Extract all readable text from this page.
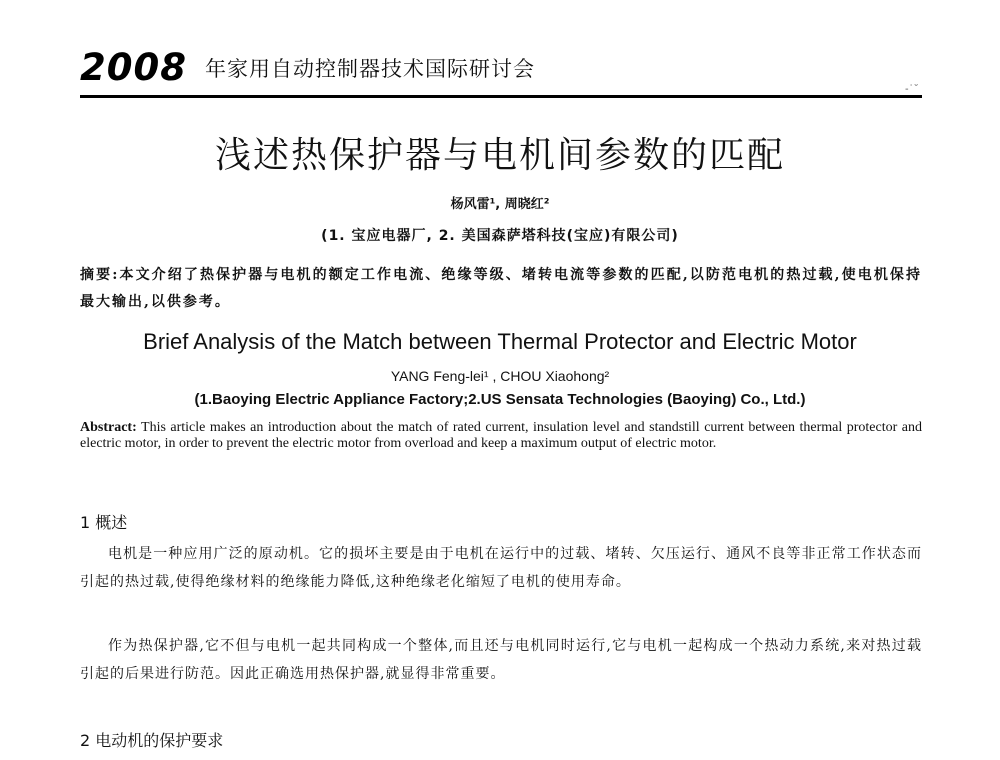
2008 年家用自动控制器技术国际研讨会
-˙˘
浅述热保护器与电机间参数的匹配
杨风雷¹, 周晓红²
(1. 宝应电器厂, 2. 美国森萨塔科技(宝应)有限公司)
摘要:本文介绍了热保护器与电机的额定工作电流、绝缘等级、堵转电流等参数的匹配,以防范电机的热过载,使电机保持最大输出,以供参考。
Brief Analysis of the Match between Thermal Protector and Electric Motor
YANG Feng-lei¹ , CHOU Xiaohong²
(1.Baoying Electric Appliance Factory;2.US Sensata Technologies (Baoying) Co., Ltd.)
Abstract: This article makes an introduction about the match of rated current, insulation level and standstill current between thermal protector and electric motor, in order to prevent the electric motor from overload and keep a maximum output of electric motor.
1 概述
电机是一种应用广泛的原动机。它的损坏主要是由于电机在运行中的过载、堵转、欠压运行、通风不良等非正常工作状态而引起的热过载,使得绝缘材料的绝缘能力降低,这种绝缘老化缩短了电机的使用寿命。
作为热保护器,它不但与电机一起共同构成一个整体,而且还与电机同时运行,它与电机一起构成一个热动力系统,来对热过载引起的后果进行防范。因此正确选用热保护器,就显得非常重要。
2 电动机的保护要求
